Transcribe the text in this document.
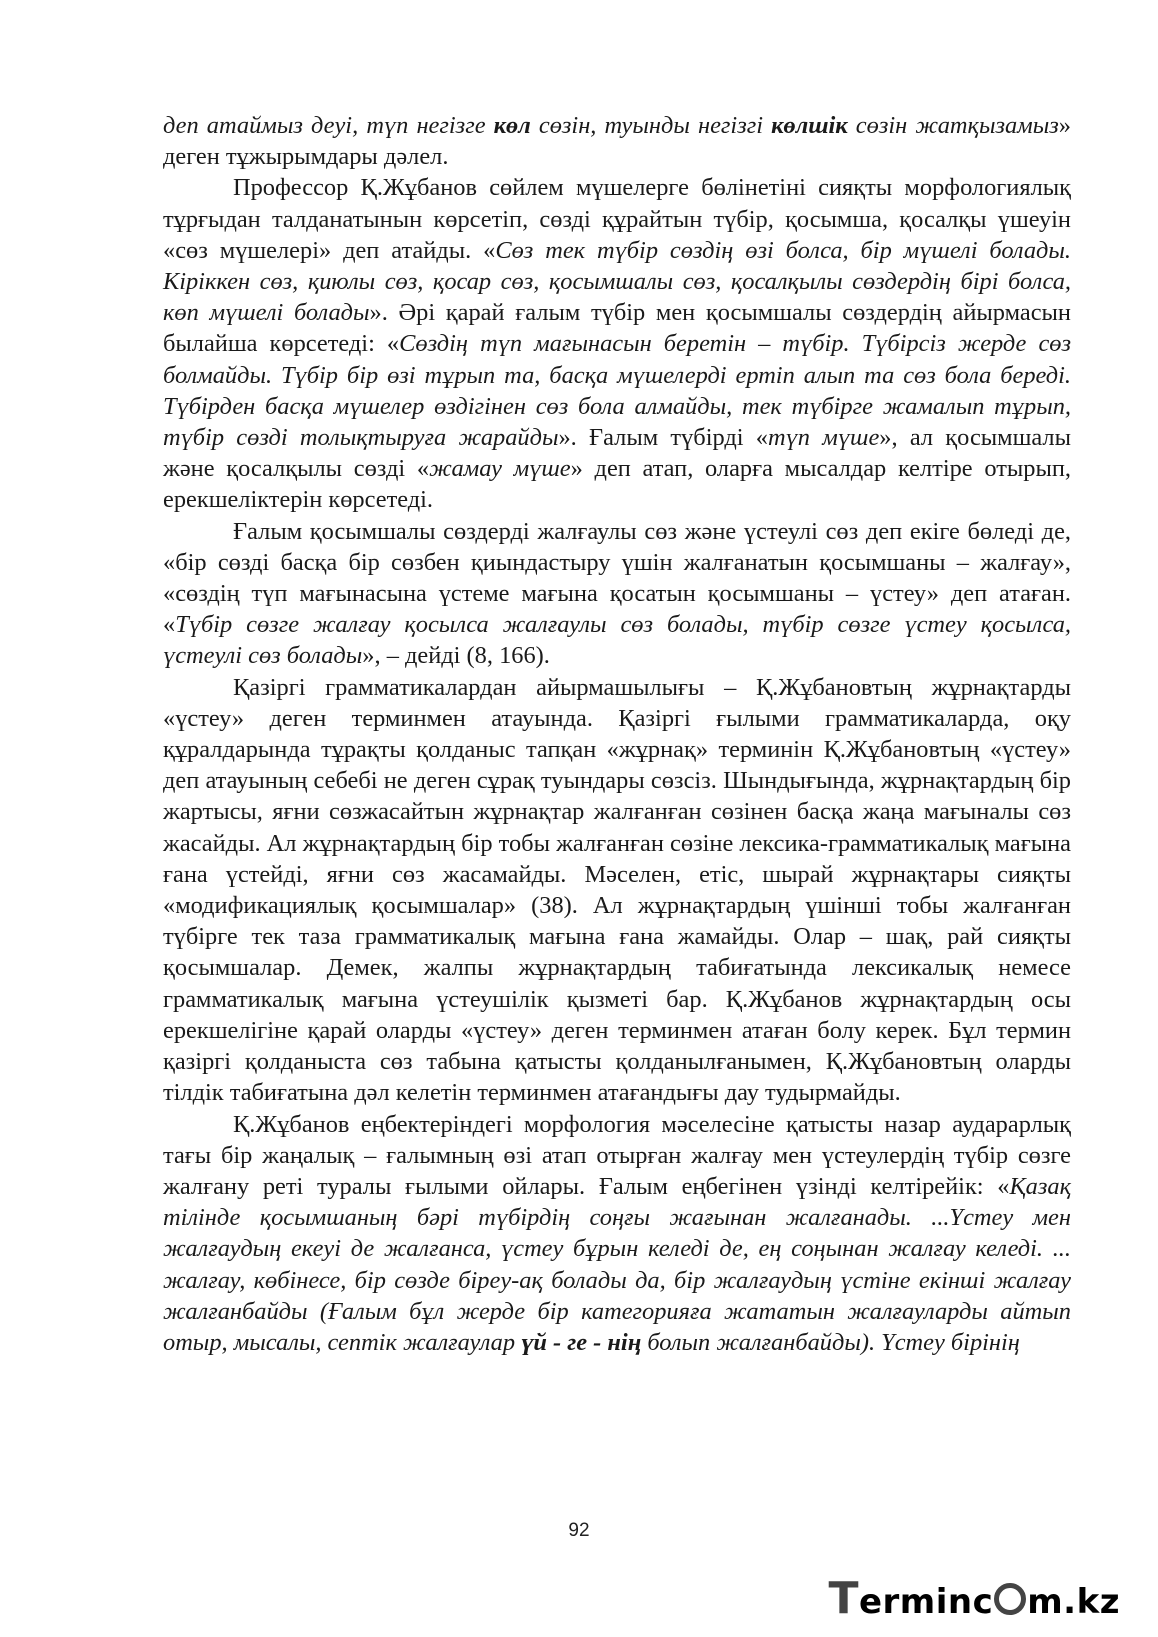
деп атаймыз деуі, түп негізге көл сөзін, туынды негізгі көлшік сөзін жатқызамыз» деген тұжырымдары дәлел.

Профессор Қ.Жұбанов сөйлем мүшелерге бөлінетіні сияқты морфологиялық тұрғыдан талданатынын көрсетіп, сөзді құрайтын түбір, қосымша, қосалқы үшеуін «сөз мүшелері» деп атайды. «Сөз тек түбір сөздің өзі болса, бір мүшелі болады. Кіріккен сөз, қиюлы сөз, қосар сөз, қосымшалы сөз, қосалқылы сөздердің бірі болса, көп мүшелі болады». Әрі қарай ғалым түбір мен қосымшалы сөздердің айырмасын былайша көрсетеді: «Сөздің түп мағынасын беретін – түбір. Түбірсіз жерде сөз болмайды. Түбір бір өзі тұрып та, басқа мүшелерді ертіп алып та сөз бола береді. Түбірден басқа мүшелер өздігінен сөз бола алмайды, тек түбірге жамалып тұрып, түбір сөзді толықтыруға жарайды». Ғалым түбірді «түп мүше», ал қосымшалы және қосалқылы сөзді «жамау мүше» деп атап, оларға мысалдар келтіре отырып, ерекшеліктерін көрсетеді.

Ғалым қосымшалы сөздерді жалғаулы сөз және үстеулі сөз деп екіге бөледі де, «бір сөзді басқа бір сөзбен қиындастыру үшін жалғанатын қосымшаны – жалғау», «сөздің түп мағынасына үстеме мағына қосатын қосымшаны – үстеу» деп атаған. «Түбір сөзге жалғау қосылса жалғаулы сөз болады, түбір сөзге үстеу қосылса, үстеулі сөз болады», – дейді (8, 166).

Қазіргі грамматикалардан айырмашылығы – Қ.Жұбановтың жұрнақтарды «үстеу» деген терминмен атауында. Қазіргі ғылыми грамматикаларда, оқу құралдарында тұрақты қолданыс тапқан «жұрнақ» терминін Қ.Жұбановтың «үстеу» деп атауының себебі не деген сұрақ туындары сөзсіз. Шындығында, жұрнақтардың бір жартысы, яғни сөзжасайтын жұрнақтар жалғанған сөзінен басқа жаңа мағыналы сөз жасайды. Ал жұрнақтардың бір тобы жалғанған сөзіне лексика-грамматикалық мағына ғана үстейді, яғни сөз жасамайды. Мәселен, етіс, шырай жұрнақтары сияқты «модификациялық қосымшалар» (38). Ал жұрнақтардың үшінші тобы жалғанған түбірге тек таза грамматикалық мағына ғана жамайды. Олар – шақ, рай сияқты қосымшалар. Демек, жалпы жұрнақтардың табиғатында лексикалық немесе грамматикалық мағына үстеушілік қызметі бар. Қ.Жұбанов жұрнақтардың осы ерекшелігіне қарай оларды «үстеу» деген терминмен атаған болу керек. Бұл термин қазіргі қолданыста сөз табына қатысты қолданылғанымен, Қ.Жұбановтың оларды тілдік табиғатына дәл келетін терминмен атағандығы дау тудырмайды.

Қ.Жұбанов еңбектеріндегі морфология мәселесіне қатысты назар аударарлық тағы бір жаңалық – ғалымның өзі атап отырған жалғау мен үстеулердің түбір сөзге жалғану реті туралы ғылыми ойлары. Ғалым еңбегінен үзінді келтірейік: «Қазақ тілінде қосымшаның бәрі түбірдің соңғы жағынан жалғанады. ...Үстеу мен жалғаудың екеуі де жалғанса, үстеу бұрын келеді де, ең соңынан жалғау келеді. ... жалғау, көбінесе, бір сөзде біреу-ақ болады да, бір жалғаудың үстіне екінші жалғау жалғанбайды (Ғалым бұл жерде бір категорияға жататын жалғауларды айтып отыр, мысалы, септік жалғаулар үй - ге - нің болып жалғанбайды). Үстеу бірінің

92
T erminc m.kz
